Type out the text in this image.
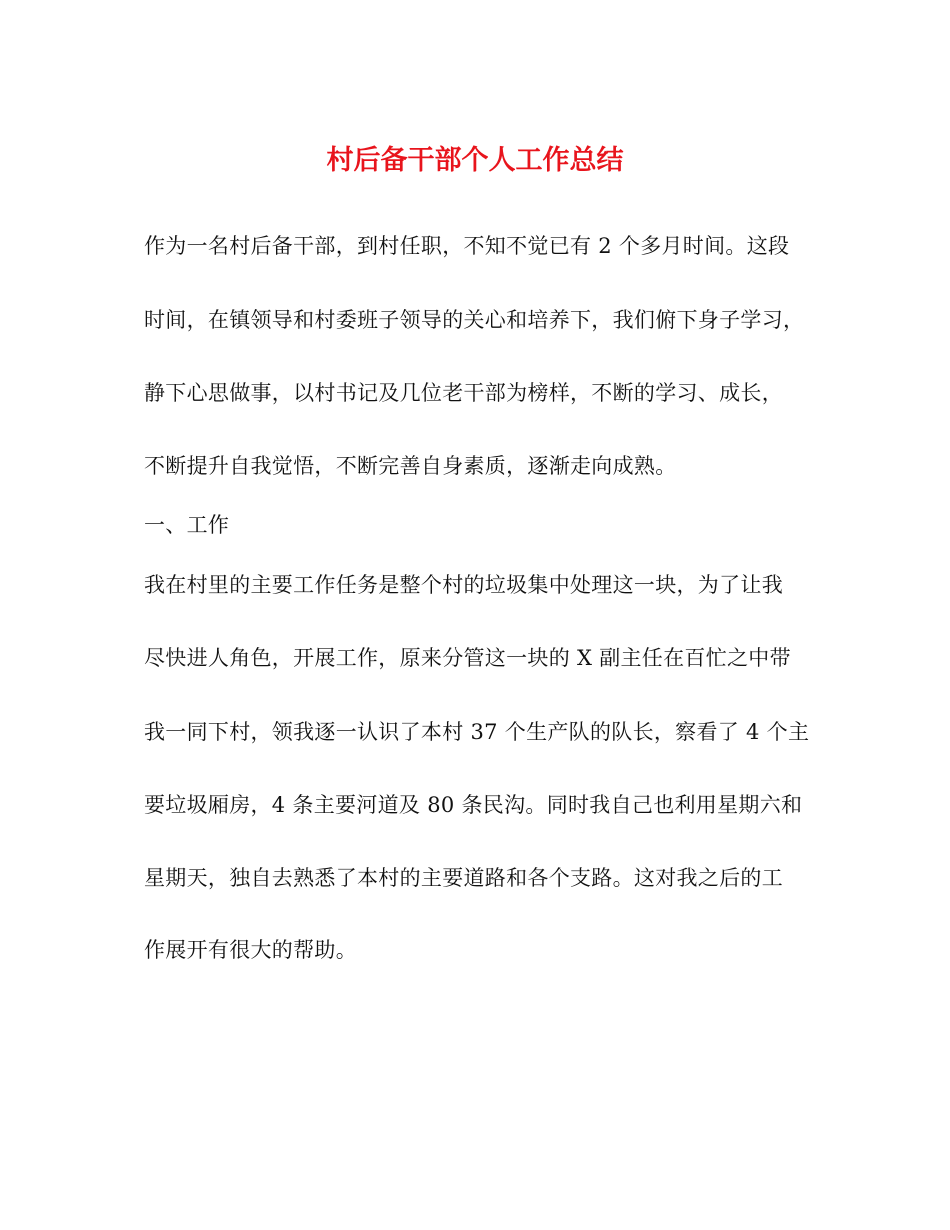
村后备干部个人工作总结
作为一名村后备干部，到村任职，不知不觉已有 2 个多月时间。这段
时间，在镇领导和村委班子领导的关心和培养下，我们俯下身子学习，
静下心思做事，以村书记及几位老干部为榜样，不断的学习、成长，
不断提升自我觉悟，不断完善自身素质，逐渐走向成熟。
一、工作
我在村里的主要工作任务是整个村的垃圾集中处理这一块，为了让我
尽快进人角色，开展工作，原来分管这一块的 X 副主任在百忙之中带
我一同下村，领我逐一认识了本村 37 个生产队的队长，察看了 4 个主
要垃圾厢房，4 条主要河道及 80 条民沟。同时我自己也利用星期六和
星期天，独自去熟悉了本村的主要道路和各个支路。这对我之后的工
作展开有很大的帮助。
